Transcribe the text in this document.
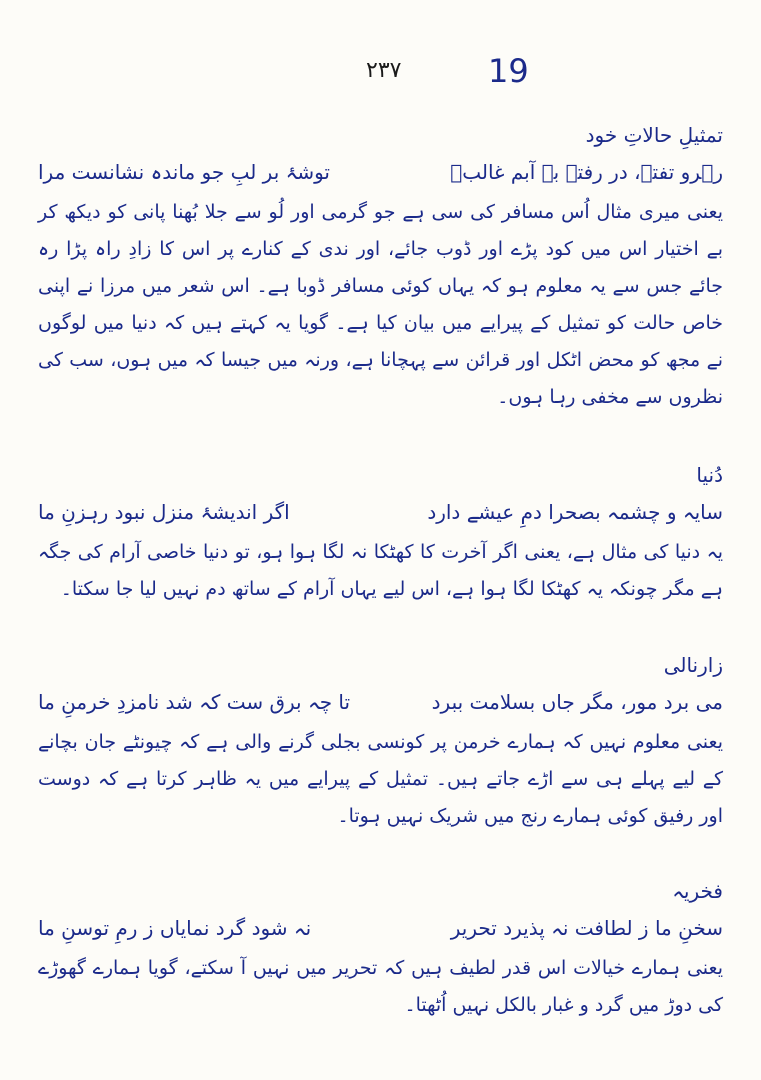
٢٣٧	19
تمثیلِ حالاتِ خود
رہرو تفتہ، در رفتہ بہ آبم غالبؔ
توشۂ بر لبِ جو ماندہ نشانست مرا

یعنی میری مثال اُس مسافر کی سی ہے جو گرمی اور لُو سے جلا بُھنا پانی کو دیکھ کر بے اختیار اس میں کود پڑے اور ڈوب جائے، اور ندی کے کنارے پر اس کا زادِ راہ پڑا رہ جائے جس سے یہ معلوم ہو کہ یہاں کوئی مسافر ڈوبا ہے۔ اس شعر میں مرزا نے اپنی خاص حالت کو تمثیل کے پیرایے میں بیان کیا ہے۔ گویا یہ کہتے ہیں کہ دنیا میں لوگوں نے مجھ کو محض اٹکل اور قرائن سے پہچانا ہے، ورنہ میں جیسا کہ میں ہوں، سب کی نظروں سے مخفی رہا ہوں۔

دُنیا
سایہ و چشمہ بصحرا دمِ عیشے دارد
اگر اندیشۂ منزل نبود رہزنِ ما

یہ دنیا کی مثال ہے، یعنی اگر آخرت کا کھٹکا نہ لگا ہوا ہو، تو دنیا خاصی آرام کی جگہ ہے مگر چونکہ یہ کھٹکا لگا ہوا ہے، اس لیے یہاں آرام کے ساتھ دم نہیں لیا جا سکتا۔

زارنالی
می برد مور، مگر جاں بسلامت ببرد
تا چہ برق ست کہ شد نامزدِ خرمنِ ما

یعنی معلوم نہیں کہ ہمارے خرمن پر کونسی بجلی گرنے والی ہے کہ چیونٹے جان بچانے کے لیے پہلے ہی سے اڑے جاتے ہیں۔ تمثیل کے پیرایے میں یہ ظاہر کرتا ہے کہ دوست اور رفیق کوئی ہمارے رنج میں شریک نہیں ہوتا۔

فخریہ
سخنِ ما ز لطافت نہ پذیرد تحریر
نہ شود گرد نمایاں ز رمِ توسنِ ما

یعنی ہمارے خیالات اس قدر لطیف ہیں کہ تحریر میں نہیں آ سکتے، گویا ہمارے گھوڑے کی دوڑ میں گرد و غبار بالکل نہیں اُٹھتا۔
